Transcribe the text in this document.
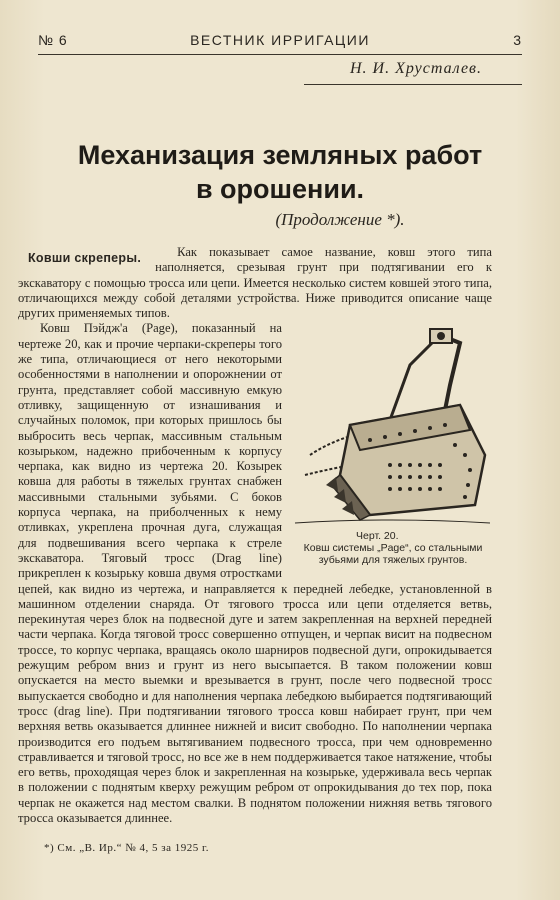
№ 6	ВЕСТНИК ИРРИГАЦИИ	3
Н. И. Хрусталев.
Механизация земляных работ
в орошении.
(Продолжение *).
Ковши скреперы.	Как показывает самое название, ковш этого типа наполняется, срезывая грунт при подтягивании его к экскаватору с помощью тросса или цепи. Имеется несколько систем ковшей этого типа, отличающихся между собой деталями устройства. Ниже приводится описание чаще других применяемых типов.

Черт. 20.
Ковш системы „Page“, со стальными зубьями для тяжелых грунтов.

Ковш Пэйдж'а (Page), показанный на чертеже 20, как и прочие черпаки-скреперы того же типа, отличающиеся от него некоторыми особенностями в наполнении и опорожнении от грунта, представляет собой массивную емкую отливку, защищенную от изнашивания и случайных поломок, при которых пришлось бы выбросить весь черпак, массивным стальным козырьком, надежно прибоченным к корпусу черпака, как видно из чертежа 20. Козырек ковша для работы в тяжелых грунтах снабжен массивными стальными зубьями. С боков корпуса черпака, на приболченных к нему отливках, укреплена прочная дуга, служащая для подвешивания всего черпака к стреле экскаватора. Тяговый тросс (Drag line) прикреплен к козырьку ковша двумя отростками цепей, как видно из чертежа, и направляется к передней лебедке, установленной в машинном отделении снаряда. От тягового тросса или цепи отделяется ветвь, перекинутая через блок на подвесной дуге и затем закрепленная на верхней передней части черпака. Когда тяговой тросс совершенно отпущен, и черпак висит на подвесном троссе, то корпус черпака, вращаясь около шарниров подвесной дуги, опрокидывается режущим ребром вниз и грунт из него высыпается. В таком положении ковш опускается на место выемки и врезывается в грунт, после чего подвесной тросс выпускается свободно и для наполнения черпака лебедкою выбирается подтягивающий тросс (drag line). При подтягивании тягового тросса ковш набирает грунт, при чем верхняя ветвь оказывается длиннее нижней и висит свободно. По наполнении черпака производится его подъем вытягиванием подвесного тросса, при чем одновременно стравливается и тяговой тросс, но все же в нем поддерживается такое натяжение, чтобы его ветвь, проходящая через блок и закрепленная на козырьке, удерживала весь черпак в положении с поднятым кверху режущим ребром от опрокидывания до тех пор, пока черпак не окажется над местом свалки. В поднятом положении нижняя ветвь тягового тросса оказывается длиннее.

*) См. „В. Ир.“ № 4, 5 за 1925 г.
